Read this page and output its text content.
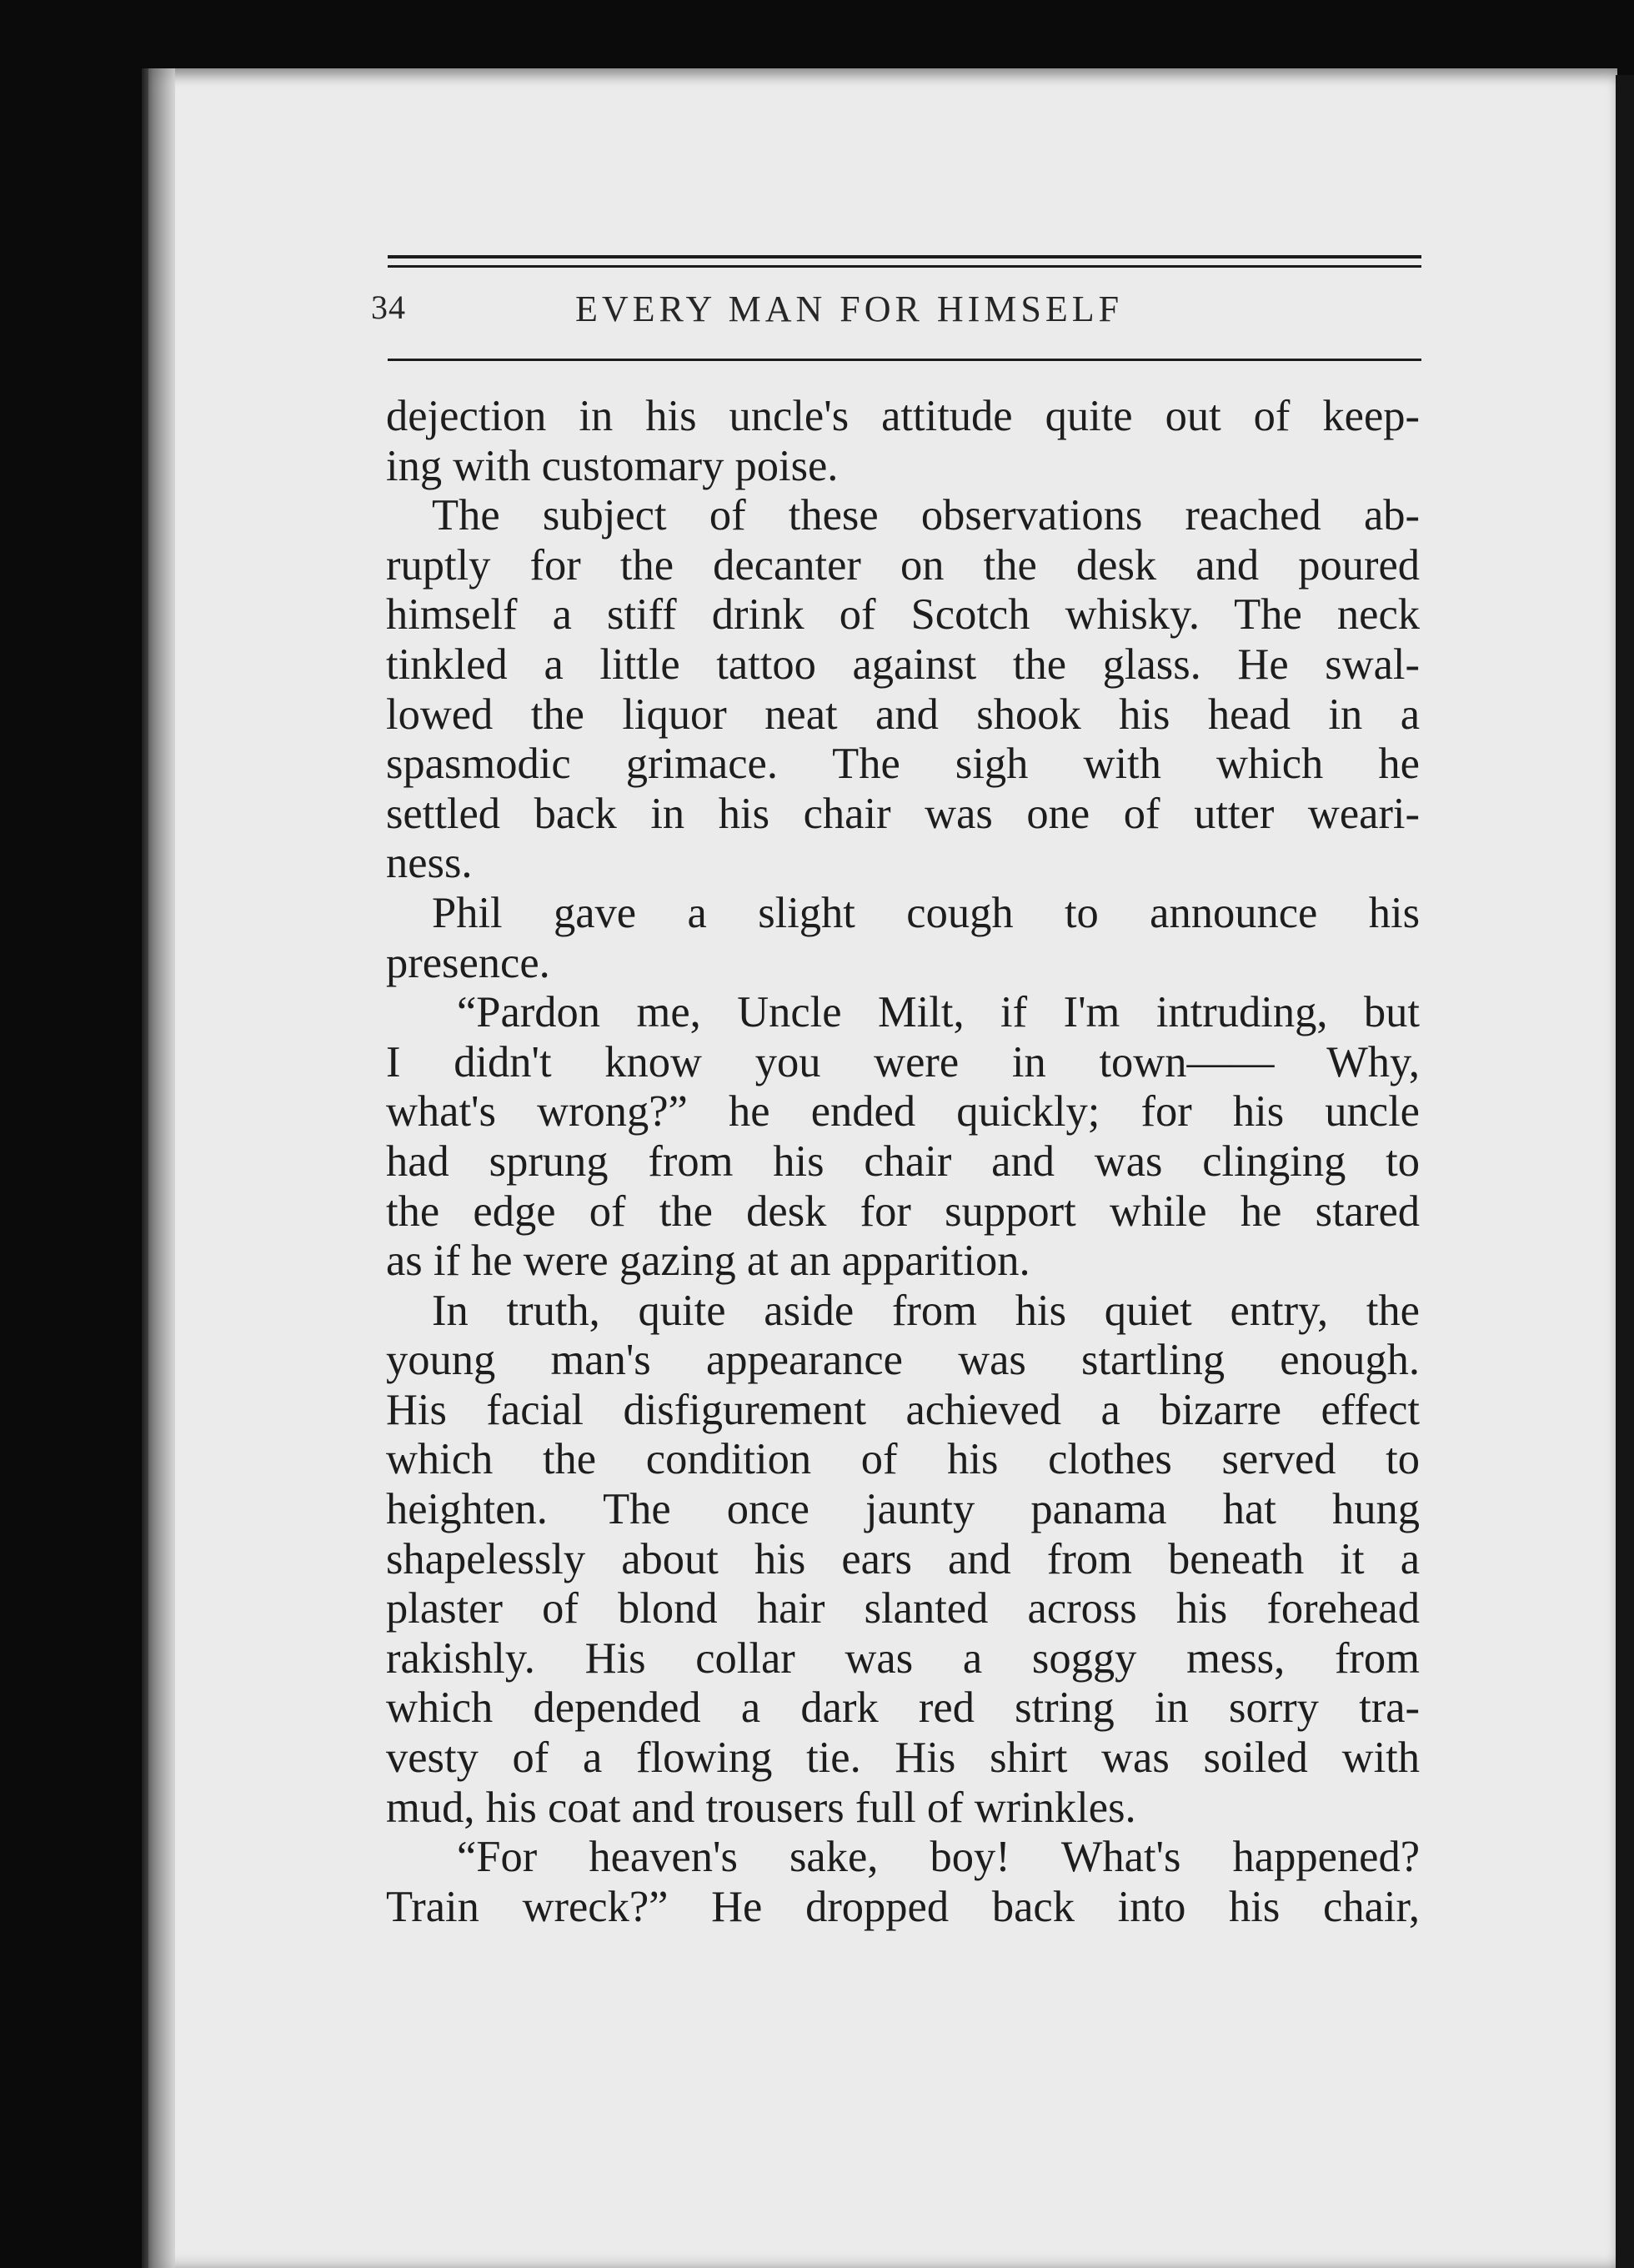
34	EVERY MAN FOR HIMSELF
dejection in his uncle's attitude quite out of keep-
ing with customary poise.
The subject of these observations reached ab-
ruptly for the decanter on the desk and poured
himself a stiff drink of Scotch whisky. The neck
tinkled a little tattoo against the glass. He swal-
lowed the liquor neat and shook his head in a
spasmodic grimace. The sigh with which he
settled back in his chair was one of utter weari-
ness.
Phil gave a slight cough to announce his
presence.
“Pardon me, Uncle Milt, if I'm intruding, but
I didn't know you were in town—— Why,
what's wrong?” he ended quickly; for his uncle
had sprung from his chair and was clinging to
the edge of the desk for support while he stared
as if he were gazing at an apparition.
In truth, quite aside from his quiet entry, the
young man's appearance was startling enough.
His facial disfigurement achieved a bizarre effect
which the condition of his clothes served to
heighten. The once jaunty panama hat hung
shapelessly about his ears and from beneath it a
plaster of blond hair slanted across his forehead
rakishly. His collar was a soggy mess, from
which depended a dark red string in sorry tra-
vesty of a flowing tie. His shirt was soiled with
mud, his coat and trousers full of wrinkles.
“For heaven's sake, boy! What's happened?
Train wreck?” He dropped back into his chair,
